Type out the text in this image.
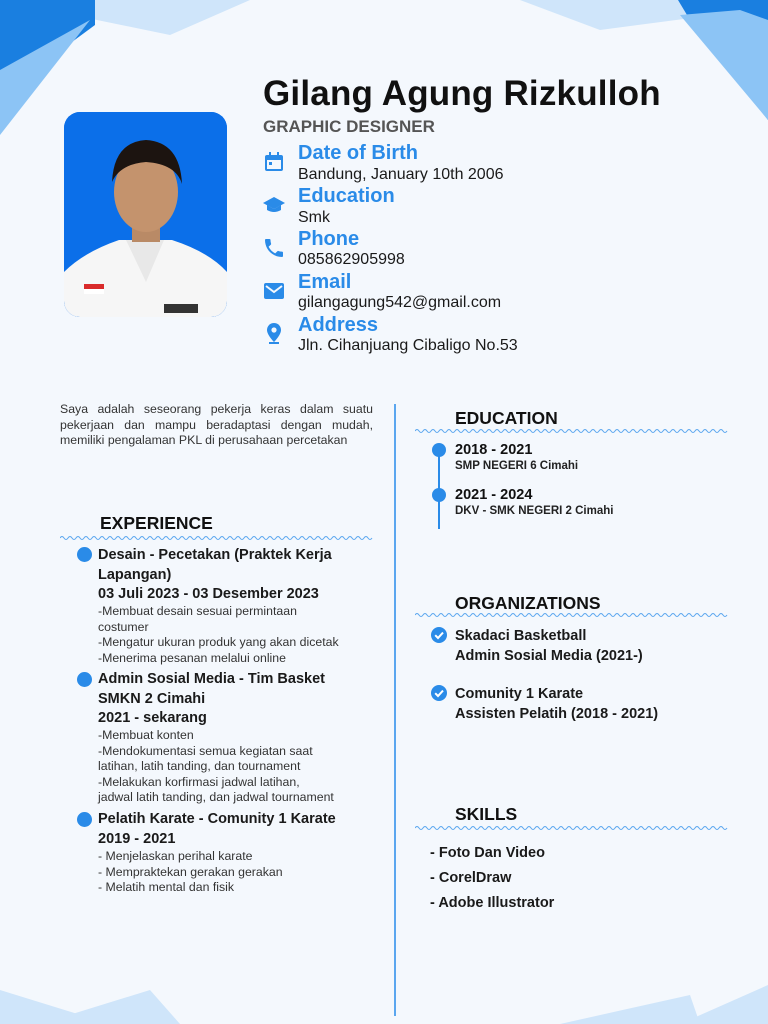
Gilang Agung Rizkulloh
GRAPHIC DESIGNER
Date of Birth
Bandung, January 10th 2006
Education
Smk
Phone
085862905998
Email
gilangagung542@gmail.com
Address
Jln. Cihanjuang Cibaligo No.53
Saya adalah seseorang pekerja keras dalam suatu pekerjaan dan mampu beradaptasi dengan mudah, memiliki pengalaman PKL di perusahaan percetakan
EXPERIENCE
Desain - Pecetakan (Praktek Kerja Lapangan)
03 Juli 2023 - 03 Desember 2023
-Membuat desain sesuai permintaan
costumer
-Mengatur ukuran produk yang akan dicetak
-Menerima pesanan melalui online
Admin Sosial Media - Tim Basket SMKN 2 Cimahi
2021 - sekarang
-Membuat konten
-Mendokumentasi semua kegiatan saat
latihan, latih tanding, dan tournament
-Melakukan korfirmasi jadwal latihan,
jadwal latih tanding, dan jadwal tournament
Pelatih Karate - Comunity 1 Karate
2019 - 2021
- Menjelaskan perihal karate
- Mempraktekan gerakan gerakan
- Melatih mental dan fisik
EDUCATION
2018 - 2021
SMP NEGERI 6 Cimahi
2021 - 2024
DKV - SMK NEGERI 2 Cimahi
ORGANIZATIONS
Skadaci Basketball
Admin Sosial Media (2021-)
Comunity 1 Karate
Assisten Pelatih (2018 - 2021)
SKILLS
- Foto Dan Video
- CorelDraw
- Adobe Illustrator
